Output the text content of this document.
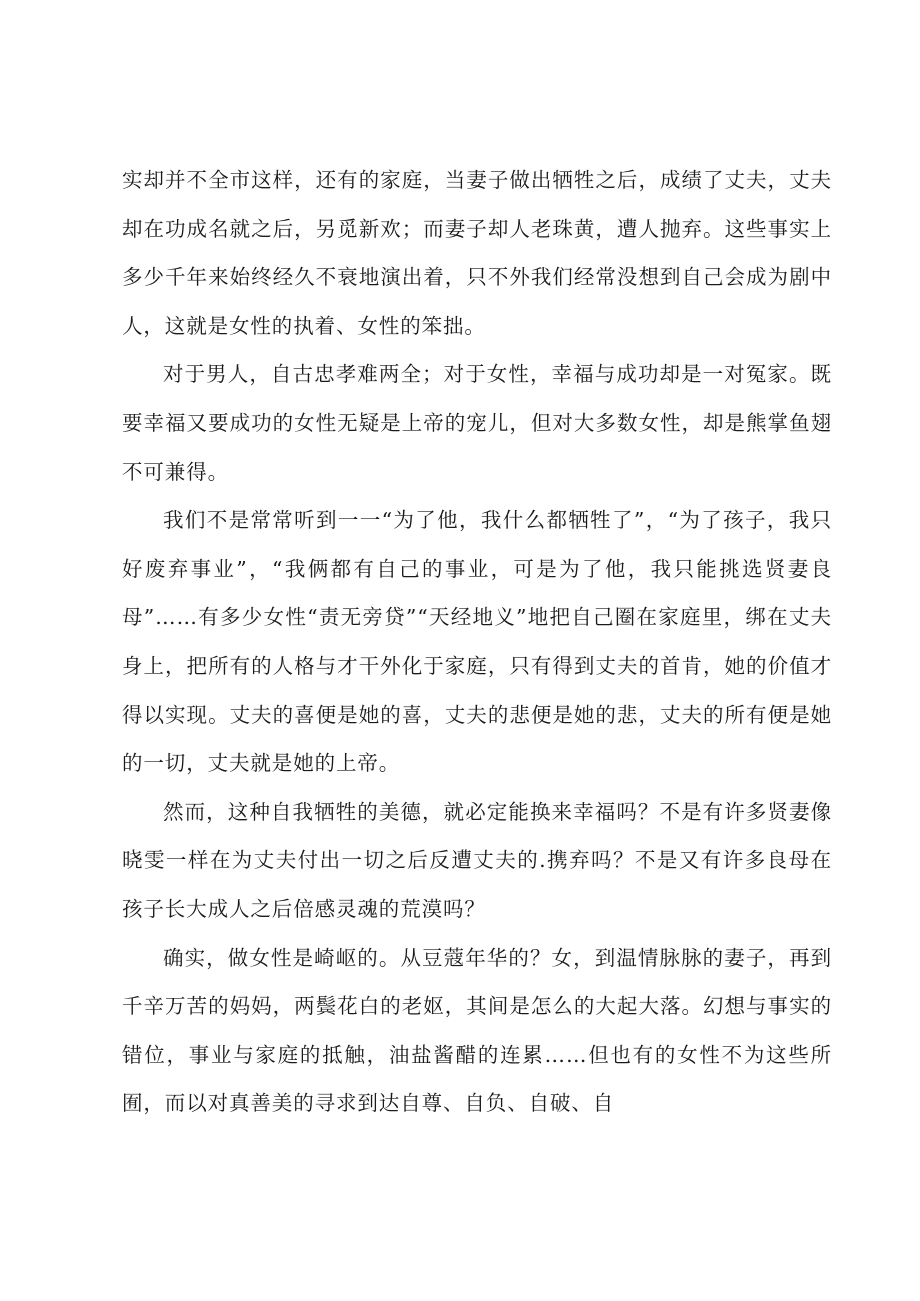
实却并不全市这样，还有的家庭，当妻子做出牺牲之后，成绩了丈夫，丈夫却在功成名就之后，另觅新欢；而妻子却人老珠黄，遭人抛弃。这些事实上多少千年来始终经久不衰地演出着，只不外我们经常没想到自己会成为剧中人，这就是女性的执着、女性的笨拙。

对于男人，自古忠孝难两全；对于女性，幸福与成功却是一对冤家。既要幸福又要成功的女性无疑是上帝的宠儿，但对大多数女性，却是熊掌鱼翅不可兼得。

我们不是常常听到一一“为了他，我什么都牺牲了”，“为了孩子，我只好废弃事业”，“我俩都有自己的事业，可是为了他，我只能挑选贤妻良母”……有多少女性“责无旁贷”“天经地义”地把自己圈在家庭里，绑在丈夫身上，把所有的人格与才干外化于家庭，只有得到丈夫的首肯，她的价值才得以实现。丈夫的喜便是她的喜，丈夫的悲便是她的悲，丈夫的所有便是她的一切，丈夫就是她的上帝。

然而，这种自我牺牲的美德，就必定能换来幸福吗？不是有许多贤妻像晓雯一样在为丈夫付出一切之后反遭丈夫的.携弃吗？不是又有许多良母在孩子长大成人之后倍感灵魂的荒漠吗？

确实，做女性是崎岖的。从豆蔻年华的？女，到温情脉脉的妻子，再到千辛万苦的妈妈，两鬓花白的老妪，其间是怎么的大起大落。幻想与事实的错位，事业与家庭的抵触，油盐酱醋的连累……但也有的女性不为这些所囿，而以对真善美的寻求到达自尊、自负、自破、自
